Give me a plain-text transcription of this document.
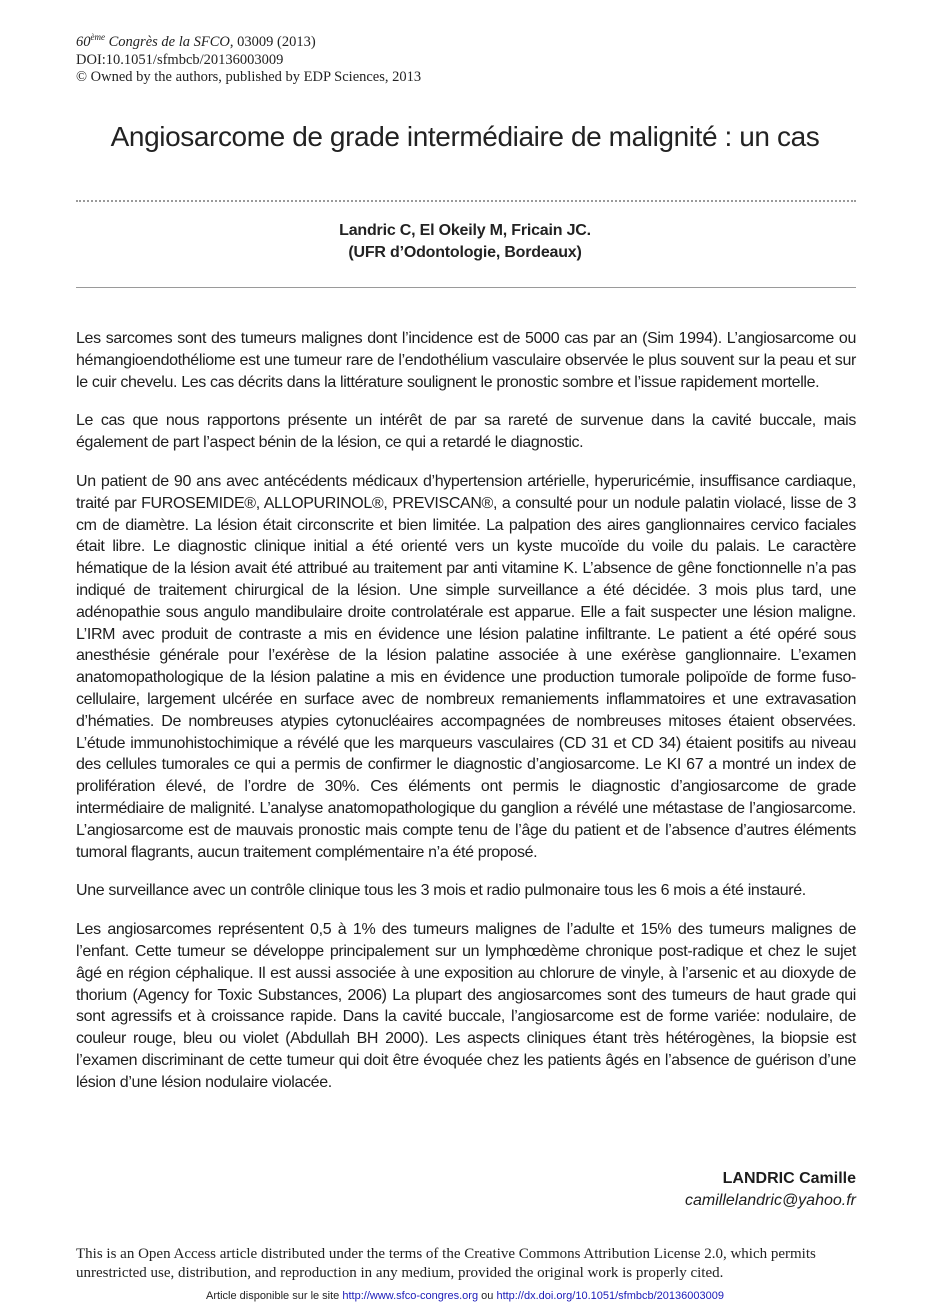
60ème Congrès de la SFCO, 03009 (2013)
DOI:10.1051/sfmbcb/20136003009
© Owned by the authors, published by EDP Sciences, 2013
Angiosarcome de grade intermédiaire de malignité : un cas
Landric C, El Okeily M, Fricain JC.
(UFR d’Odontologie, Bordeaux)

Les sarcomes sont des tumeurs malignes dont l’incidence est de 5000 cas par an (Sim 1994). L’angiosarcome ou hémangioendothéliome est une tumeur rare de l’endothélium vasculaire observée le plus souvent sur la peau et sur le cuir chevelu. Les cas décrits dans la littérature soulignent le pronostic sombre et l’issue rapidement mortelle.

Le cas que nous rapportons présente un intérêt de par sa rareté de survenue dans la cavité buccale, mais également de part l’aspect bénin de la lésion, ce qui a retardé le diagnostic.

Un patient de 90 ans avec antécédents médicaux d’hypertension artérielle, hyperuricémie, insuffisance cardiaque, traité par FUROSEMIDE®, ALLOPURINOL®, PREVISCAN®, a consulté pour un nodule palatin violacé, lisse de 3 cm de diamètre. La lésion était circonscrite et bien limitée. La palpation des aires ganglionnaires cervico faciales était libre. Le diagnostic clinique initial a été orienté vers un kyste mucoïde du voile du palais. Le caractère hématique de la lésion avait été attribué au traitement par anti vitamine K. L’absence de gêne fonctionnelle n’a pas indiqué de traitement chirurgical de la lésion. Une simple surveillance a été décidée. 3 mois plus tard, une adénopathie sous angulo mandibulaire droite controlatérale est apparue. Elle a fait suspecter une lésion maligne. L’IRM avec produit de contraste a mis en évidence une lésion palatine infiltrante. Le patient a été opéré sous anesthésie générale pour l’exérèse de la lésion palatine associée à une exérèse ganglionnaire. L’examen anatomopathologique de la lésion palatine a mis en évidence une production tumorale polipoïde de forme fuso-cellulaire, largement ulcérée en surface avec de nombreux remaniements inflammatoires et une extravasation d’hématies. De nombreuses atypies cytonucléaires accompagnées de nombreuses mitoses étaient observées. L’étude immunohistochimique a révélé que les marqueurs vasculaires (CD 31 et CD 34) étaient positifs au niveau des cellules tumorales ce qui a permis de confirmer le diagnostic d’angiosarcome. Le KI 67 a montré un index de prolifération élevé, de l’ordre de 30%. Ces éléments ont permis le diagnostic d’angiosarcome de grade intermédiaire de malignité. L’analyse anatomopathologique du ganglion a révélé une métastase de l’angiosarcome. L’angiosarcome est de mauvais pronostic mais compte tenu de l’âge du patient et de l’absence d’autres éléments tumoral flagrants, aucun traitement complémentaire n’a été proposé.

Une surveillance avec un contrôle clinique tous les 3 mois et radio pulmonaire tous les 6 mois a été instauré.

Les angiosarcomes représentent 0,5 à 1% des tumeurs malignes de l’adulte et 15% des tumeurs malignes de l’enfant. Cette tumeur se développe principalement sur un lymphœdème chronique post-radique et chez le sujet âgé en région céphalique. Il est aussi associée à une exposition au chlorure de vinyle, à l’arsenic et au dioxyde de thorium (Agency for Toxic Substances, 2006) La plupart des angiosarcomes sont des tumeurs de haut grade qui sont agressifs et à croissance rapide. Dans la cavité buccale, l’angiosarcome est de forme variée: nodulaire, de couleur rouge, bleu ou violet (Abdullah BH 2000). Les aspects cliniques étant très hétérogènes, la biopsie est l’examen discriminant de cette tumeur qui doit être évoquée chez les patients âgés en l’absence de guérison d’une lésion d’une lésion nodulaire violacée.

LANDRIC Camille
camillelandric@yahoo.fr
This is an Open Access article distributed under the terms of the Creative Commons Attribution License 2.0, which permits unrestricted use, distribution, and reproduction in any medium, provided the original work is properly cited.
Article disponible sur le site http://www.sfco-congres.org ou http://dx.doi.org/10.1051/sfmbcb/20136003009
